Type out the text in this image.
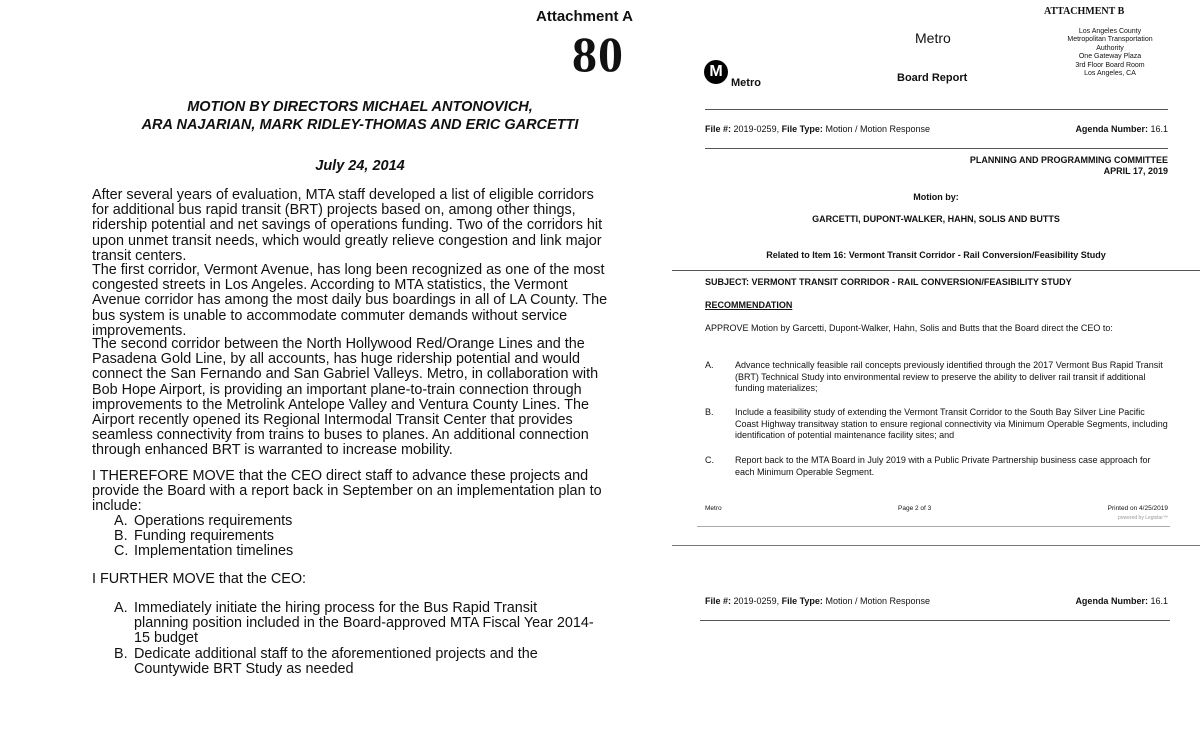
Attachment A
80
MOTION BY DIRECTORS MICHAEL ANTONOVICH,
ARA NAJARIAN, MARK RIDLEY-THOMAS AND ERIC GARCETTI
July 24, 2014
After several years of evaluation, MTA staff developed a list of eligible corridors for additional bus rapid transit (BRT) projects based on, among other things, ridership potential and net savings of operations funding. Two of the corridors hit upon unmet transit needs, which would greatly relieve congestion and link major transit centers.
The first corridor, Vermont Avenue, has long been recognized as one of the most congested streets in Los Angeles. According to MTA statistics, the Vermont Avenue corridor has among the most daily bus boardings in all of LA County. The bus system is unable to accommodate commuter demands without service improvements.
The second corridor between the North Hollywood Red/Orange Lines and the Pasadena Gold Line, by all accounts, has huge ridership potential and would connect the San Fernando and San Gabriel Valleys. Metro, in collaboration with Bob Hope Airport, is providing an important plane-to-train connection through improvements to the Metrolink Antelope Valley and Ventura County Lines. The Airport recently opened its Regional Intermodal Transit Center that provides seamless connectivity from trains to buses to planes. An additional connection through enhanced BRT is warranted to increase mobility.
I THEREFORE MOVE that the CEO direct staff to advance these projects and provide the Board with a report back in September on an implementation plan to include:
A. Operations requirements
B. Funding requirements
C. Implementation timelines
I FURTHER MOVE that the CEO:
A. Immediately initiate the hiring process for the Bus Rapid Transit planning position included in the Board-approved MTA Fiscal Year 2014-15 budget
B. Dedicate additional staff to the aforementioned projects and the Countywide BRT Study as needed
ATTACHMENT B
Metro
Board Report
Los Angeles County
Metropolitan Transportation
Authority
One Gateway Plaza
3rd Floor Board Room
Los Angeles, CA
M
Metro
File #: 2019-0259, File Type: Motion / Motion Response	Agenda Number: 16.1
PLANNING AND PROGRAMMING COMMITTEE
APRIL 17, 2019
Motion by:
GARCETTI, DUPONT-WALKER, HAHN, SOLIS AND BUTTS
Related to Item 16: Vermont Transit Corridor - Rail Conversion/Feasibility Study
SUBJECT: VERMONT TRANSIT CORRIDOR - RAIL CONVERSION/FEASIBILITY STUDY
RECOMMENDATION
APPROVE Motion by Garcetti, Dupont-Walker, Hahn, Solis and Butts that the Board direct the CEO to:
A.	Advance technically feasible rail concepts previously identified through the 2017 Vermont Bus Rapid Transit (BRT) Technical Study into environmental review to preserve the ability to deliver rail transit if additional funding materializes;
B.	Include a feasibility study of extending the Vermont Transit Corridor to the South Bay Silver Line Pacific Coast Highway transitway station to ensure regional connectivity via Minimum Operable Segments, including identification of potential maintenance facility sites; and
C.	Report back to the MTA Board in July 2019 with a Public Private Partnership business case approach for each Minimum Operable Segment.
Metro	Page 2 of 3	Printed on 4/25/2019
powered by Legistar™
File #: 2019-0259, File Type: Motion / Motion Response	Agenda Number: 16.1
